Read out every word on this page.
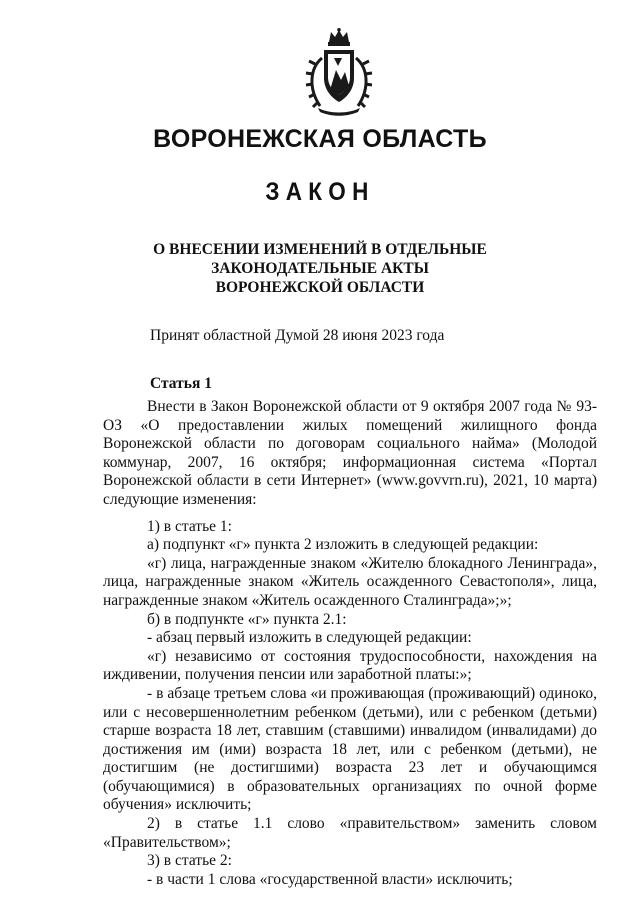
ВОРОНЕЖСКАЯ ОБЛАСТЬ
ЗАКОН
О ВНЕСЕНИИ ИЗМЕНЕНИЙ В ОТДЕЛЬНЫЕ
ЗАКОНОДАТЕЛЬНЫЕ АКТЫ
ВОРОНЕЖСКОЙ ОБЛАСТИ
Принят областной Думой 28 июня 2023 года
Статья 1

Внести в Закон Воронежской области от 9 октября 2007 года № 93-ОЗ «О предоставлении жилых помещений жилищного фонда Воронежской области по договорам социального найма» (Молодой коммунар, 2007, 16 октября; информационная система «Портал Воронежской области в сети Интернет» (www.govvrn.ru), 2021, 10 марта) следующие изменения:

1) в статье 1:

а) подпункт «г» пункта 2 изложить в следующей редакции:

«г) лица, награжденные знаком «Жителю блокадного Ленинграда», лица, награжденные знаком «Житель осажденного Севастополя», лица, награжденные знаком «Житель осажденного Сталинграда»;»;

б) в подпункте «г» пункта 2.1:

- абзац первый изложить в следующей редакции:

«г) независимо от состояния трудоспособности, нахождения на иждивении, получения пенсии или заработной платы:»;

- в абзаце третьем слова «и проживающая (проживающий) одиноко, или с несовершеннолетним ребенком (детьми), или с ребенком (детьми) старше возраста 18 лет, ставшим (ставшими) инвалидом (инвалидами) до достижения им (ими) возраста 18 лет, или с ребенком (детьми), не достигшим (не достигшими) возраста 23 лет и обучающимся (обучающимися) в образовательных организациях по очной форме обучения» исключить;

2) в статье 1.1 слово «правительством» заменить словом «Правительством»;

3) в статье 2:

- в части 1 слова «государственной власти» исключить;
